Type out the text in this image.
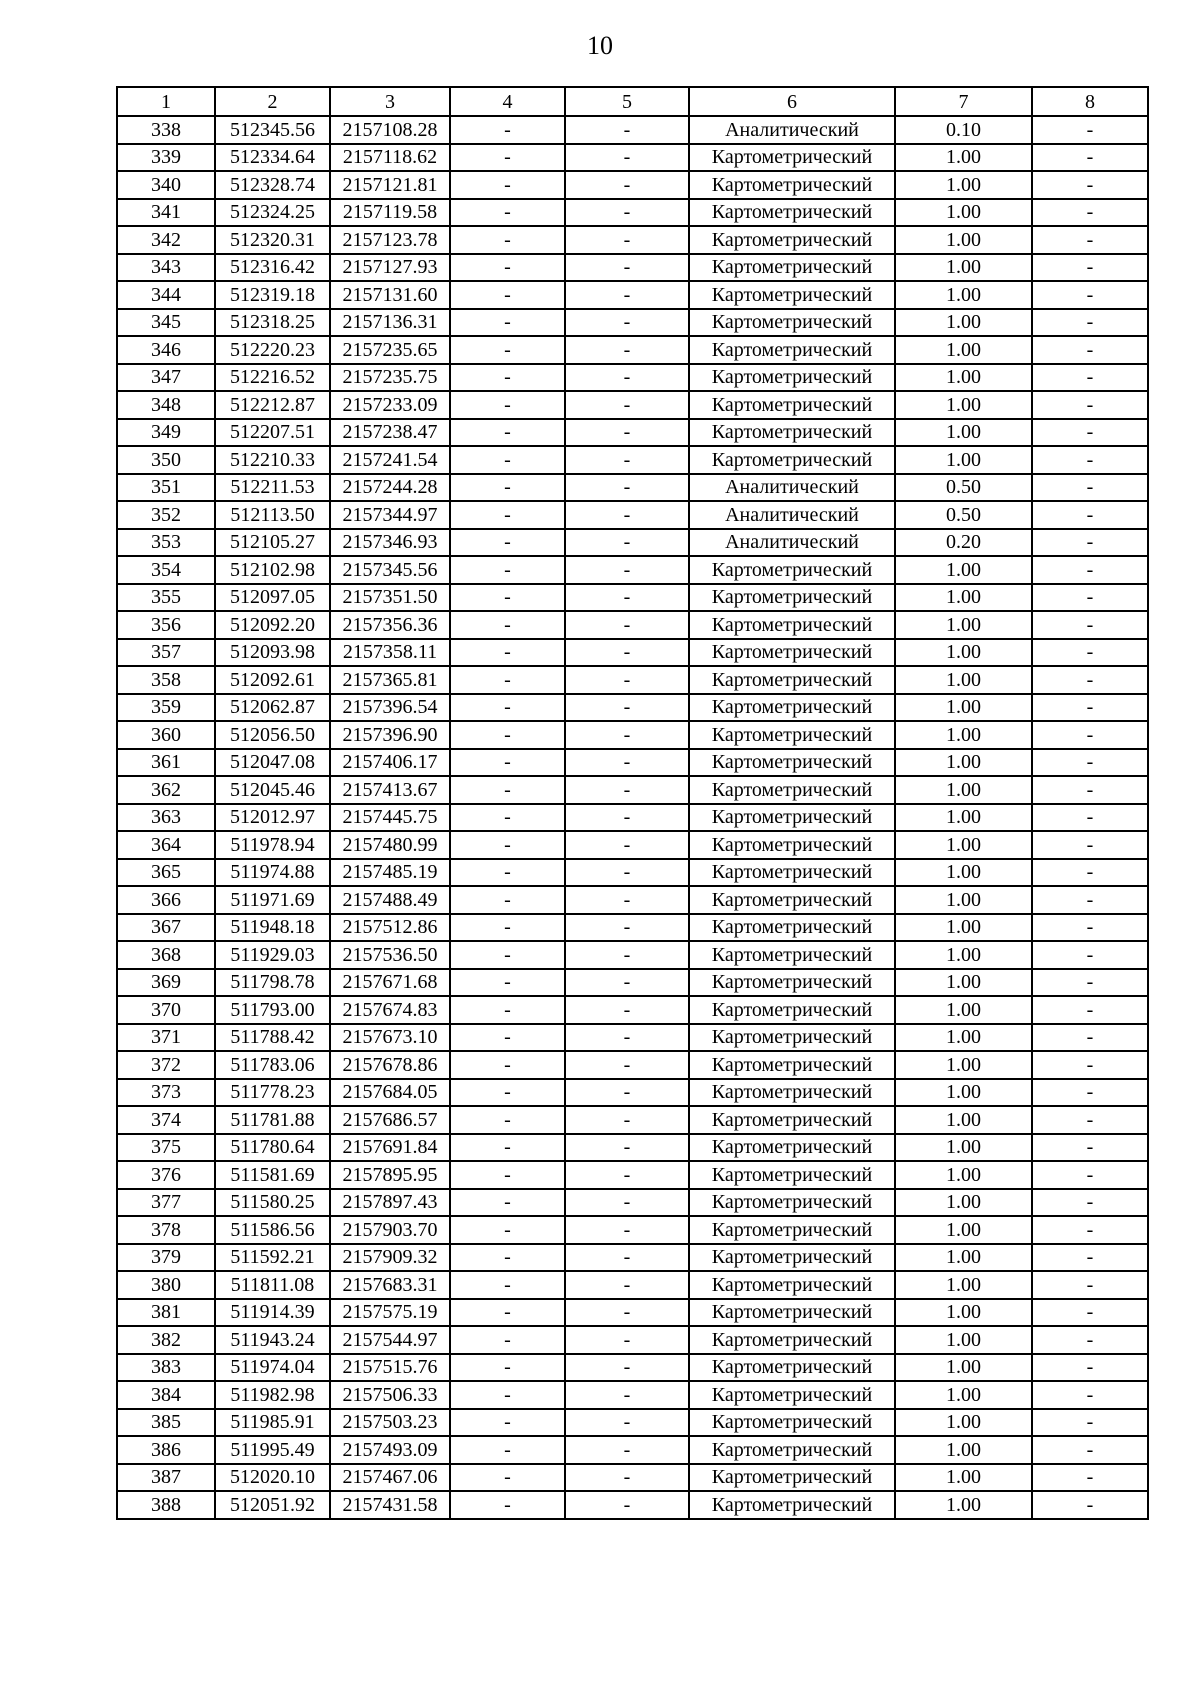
10
1	2	3	4	5	6	7	8
338	512345.56	2157108.28	-	-	Аналитический	0.10	-
339	512334.64	2157118.62	-	-	Картометрический	1.00	-
340	512328.74	2157121.81	-	-	Картометрический	1.00	-
341	512324.25	2157119.58	-	-	Картометрический	1.00	-
342	512320.31	2157123.78	-	-	Картометрический	1.00	-
343	512316.42	2157127.93	-	-	Картометрический	1.00	-
344	512319.18	2157131.60	-	-	Картометрический	1.00	-
345	512318.25	2157136.31	-	-	Картометрический	1.00	-
346	512220.23	2157235.65	-	-	Картометрический	1.00	-
347	512216.52	2157235.75	-	-	Картометрический	1.00	-
348	512212.87	2157233.09	-	-	Картометрический	1.00	-
349	512207.51	2157238.47	-	-	Картометрический	1.00	-
350	512210.33	2157241.54	-	-	Картометрический	1.00	-
351	512211.53	2157244.28	-	-	Аналитический	0.50	-
352	512113.50	2157344.97	-	-	Аналитический	0.50	-
353	512105.27	2157346.93	-	-	Аналитический	0.20	-
354	512102.98	2157345.56	-	-	Картометрический	1.00	-
355	512097.05	2157351.50	-	-	Картометрический	1.00	-
356	512092.20	2157356.36	-	-	Картометрический	1.00	-
357	512093.98	2157358.11	-	-	Картометрический	1.00	-
358	512092.61	2157365.81	-	-	Картометрический	1.00	-
359	512062.87	2157396.54	-	-	Картометрический	1.00	-
360	512056.50	2157396.90	-	-	Картометрический	1.00	-
361	512047.08	2157406.17	-	-	Картометрический	1.00	-
362	512045.46	2157413.67	-	-	Картометрический	1.00	-
363	512012.97	2157445.75	-	-	Картометрический	1.00	-
364	511978.94	2157480.99	-	-	Картометрический	1.00	-
365	511974.88	2157485.19	-	-	Картометрический	1.00	-
366	511971.69	2157488.49	-	-	Картометрический	1.00	-
367	511948.18	2157512.86	-	-	Картометрический	1.00	-
368	511929.03	2157536.50	-	-	Картометрический	1.00	-
369	511798.78	2157671.68	-	-	Картометрический	1.00	-
370	511793.00	2157674.83	-	-	Картометрический	1.00	-
371	511788.42	2157673.10	-	-	Картометрический	1.00	-
372	511783.06	2157678.86	-	-	Картометрический	1.00	-
373	511778.23	2157684.05	-	-	Картометрический	1.00	-
374	511781.88	2157686.57	-	-	Картометрический	1.00	-
375	511780.64	2157691.84	-	-	Картометрический	1.00	-
376	511581.69	2157895.95	-	-	Картометрический	1.00	-
377	511580.25	2157897.43	-	-	Картометрический	1.00	-
378	511586.56	2157903.70	-	-	Картометрический	1.00	-
379	511592.21	2157909.32	-	-	Картометрический	1.00	-
380	511811.08	2157683.31	-	-	Картометрический	1.00	-
381	511914.39	2157575.19	-	-	Картометрический	1.00	-
382	511943.24	2157544.97	-	-	Картометрический	1.00	-
383	511974.04	2157515.76	-	-	Картометрический	1.00	-
384	511982.98	2157506.33	-	-	Картометрический	1.00	-
385	511985.91	2157503.23	-	-	Картометрический	1.00	-
386	511995.49	2157493.09	-	-	Картометрический	1.00	-
387	512020.10	2157467.06	-	-	Картометрический	1.00	-
388	512051.92	2157431.58	-	-	Картометрический	1.00	-
